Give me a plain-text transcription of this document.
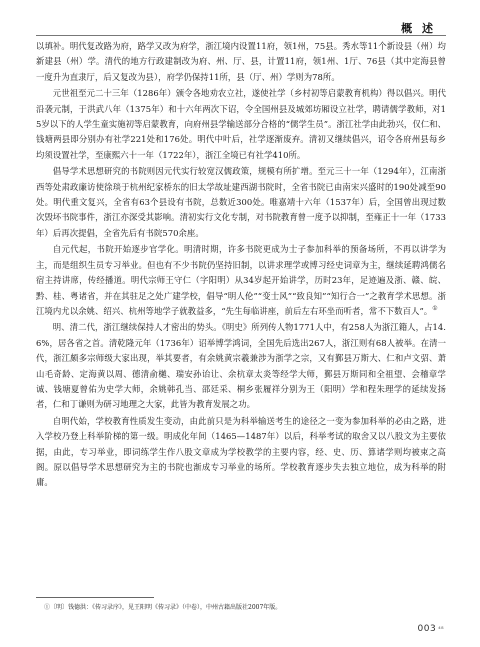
概 述

以填补。明代复改路为府，路学又改为府学，浙江境内设置11府，领1州，75县。秀水等11个新设县（州）均新建县（州）学。清代的地方行政建制改为府、州、厅、县，计置11府，领1州、1厅、76县（其中定海县曾一度升为直隶厅，后又复改为县），府学仍保持11所，县（厅、州）学则为78所。

元世祖至元二十三年（1286年）颁令各地劝农立社，遂使社学（乡村初等启蒙教育机构）得以倡兴。明代沿袭元制，于洪武八年（1375年）和十六年两次下诏，令全国州县及城郊坊厢设立社学，聘请儒学教师，对15岁以下的人学生童实施初等启蒙教育，向府州县学输送部分合格的“儒学生员”。浙江社学由此勃兴，仅仁和、钱塘两县即分别办有社学221处和176处。明代中叶后，社学逐渐废弃。清初又继续倡兴，诏令各府州县每乡均须设置社学，至康熙六十一年（1722年），浙江全境已有社学410所。

倡导学术思想研究的书院则因元代实行较宽汉儒政策，规模有所扩增。至元三十一年（1294年），江南浙西等处肃政廉访使徐琰于杭州纪家桥东的旧太学故址建西湖书院时，全省书院已由南宋兴盛时的190处减至90处。明代重文复兴，全省有63个县设有书院，总数近300处。唯嘉靖十六年（1537年）后，全国曾出现过数次毁坏书院事件，浙江亦深受其影响。清初实行文化专制，对书院教育曾一度予以抑制，至雍正十一年（1733年）后再次提倡，全省先后有书院570余座。

自元代起，书院开始逐步官学化。明清时期，许多书院更成为士子参加科举的预备场所，不再以讲学为主，而是组织生员专习举业。但也有不少书院仍坚持旧制，以讲求理学或博习经史词章为主，继续延聘鸿儒名宿主持讲席，传经播道。明代宗师王守仁（字阳明）从34岁起开始讲学，历时23年，足迹遍及浙、赣、皖、黔、桂、粤诸省，并在其驻足之处广建学校，倡导“明人伦”“变士风”“致良知”“知行合一”之教育学术思想。浙江境内尤以余姚、绍兴、杭州等地学子就教益多，“先生每临讲座，前后左右环坐而听者，常不下数百人”。①

明、清二代，浙江继续保持人才密出的势头。《明史》所列传人物1771人中，有258人为浙江籍人，占14.6%，居各省之首。清乾隆元年（1736年）诏举博学鸿词，全国先后选出267人，浙江则有68人被举。在清一代，浙江颇多宗师级大家出现，举其要者，有余姚黄宗羲兼涉为浙学之宗，又有鄞县万斯大、仁和卢文弨、萧山毛奇龄、定海黄以周、德清俞樾、瑞安孙诒让、余杭章太炎等经学大师，鄞县万斯同和全祖望、会稽章学诚、钱塘夏曾佑为史学大师，余姚韩孔当、邵廷采、桐乡张履祥分别为王（阳明）学和程朱理学的延续发扬者，仁和丁谦则为研习地理之大家，此皆为教育发展之功。

自明代始，学校教育性质发生变动，由此前只是为科举输送考生的途径之一变为参加科举的必由之路，进入学校乃登上科举阶梯的第一级。明成化年间（1465—1487年）以后，科举考试的取舍又以八股文为主要依据，由此，专习举业，即词练学生作八股文章成为学校教学的主要内容，经、史、历、算诸学则均被束之高阁。原以倡导学术思想研究为主的书院也渐成专习举业的场所。学校教育逐步失去独立地位，成为科举的附庸。

①〔明〕钱德洪：《传习录序》，见王阳明《传习录》（中卷），中州古籍出版社2007年版。
003 ⁴⁸
